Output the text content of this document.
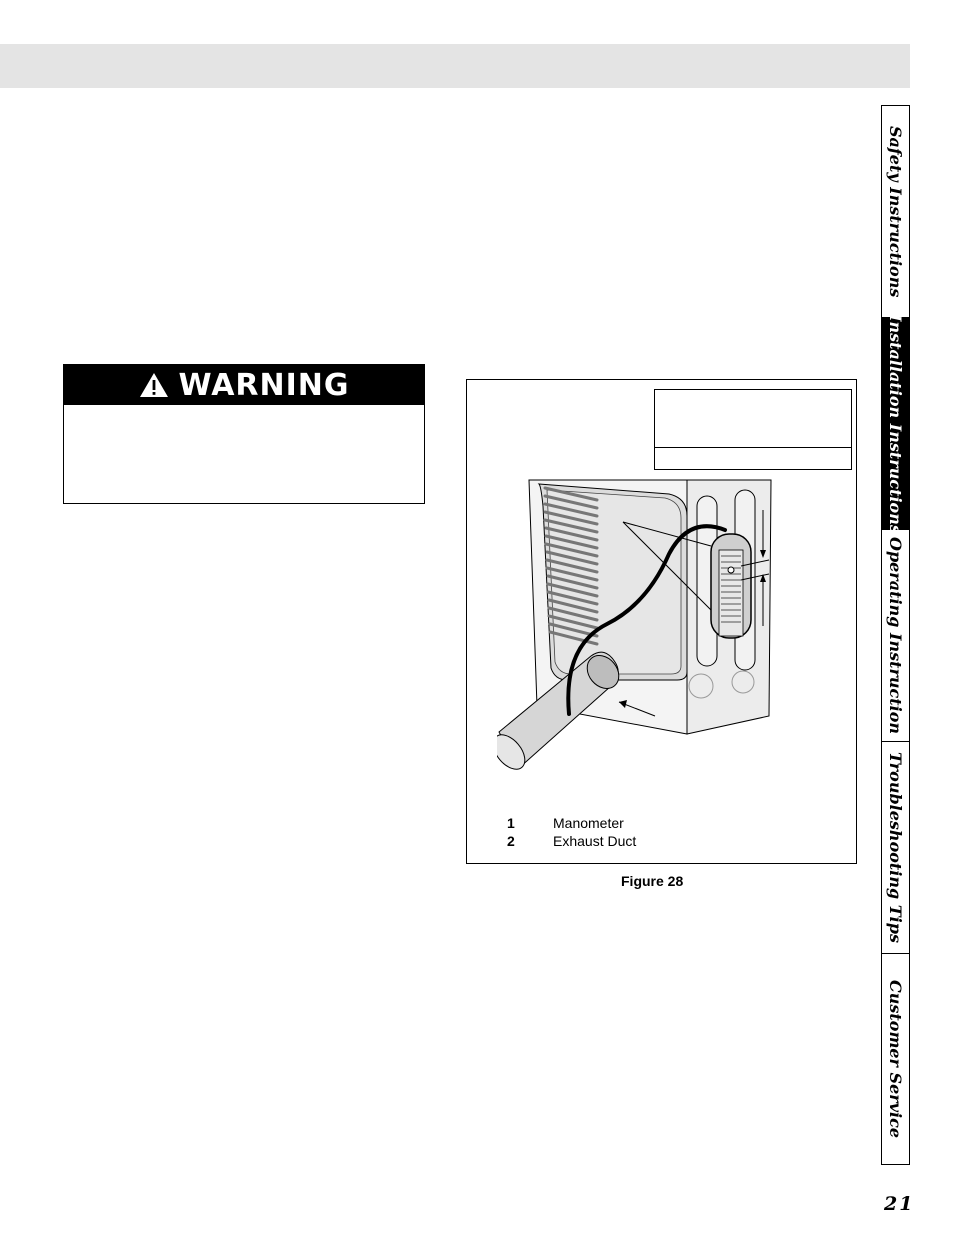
WARNING
1	Manometer
2	Exhaust Duct
Figure 28
Safety Instructions
Installation Instructions
Operating Instruction
Troubleshooting Tips
Customer Service
21
